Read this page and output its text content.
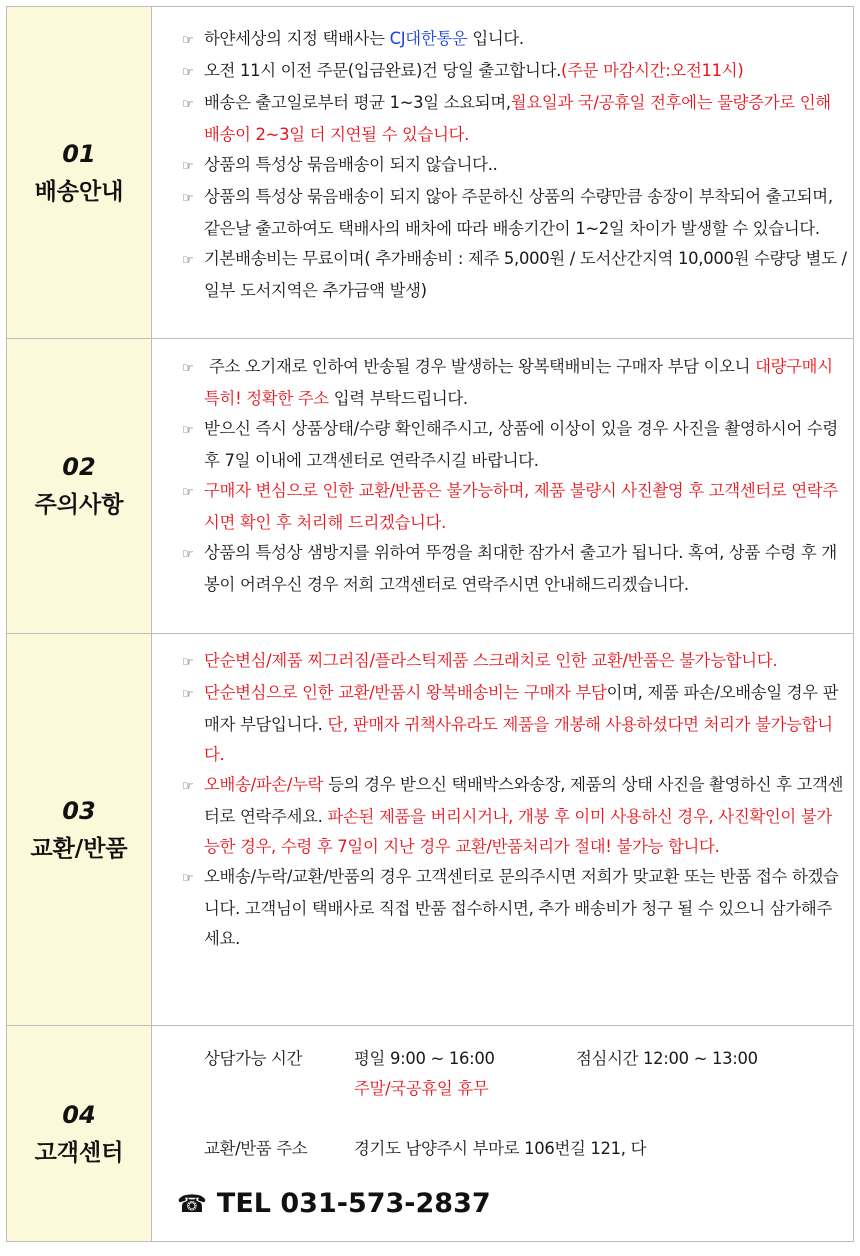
01
배송안내

☞ 하얀세상의 지정 택배사는 CJ대한통운 입니다.

☞ 오전 11시 이전 주문(입금완료)건 당일 출고합니다.(주문 마감시간:오전11시)

☞ 배송은 출고일로부터 평균 1~3일 소요되며,월요일과 국/공휴일 전후에는 물량증가로 인해 배송이 2~3일 더 지연될 수 있습니다.

☞ 상품의 특성상 묶음배송이 되지 않습니다..

☞ 상품의 특성상 묶음배송이 되지 않아 주문하신 상품의 수량만큼 송장이 부착되어 출고되며, 같은날 출고하여도 택배사의 배차에 따라 배송기간이 1~2일 차이가 발생할 수 있습니다.

☞ 기본배송비는 무료이며( 추가배송비 : 제주 5,000원 / 도서산간지역 10,000원 수량당 별도 /일부 도서지역은 추가금액 발생)

02
주의사항

☞ 주소 오기재로 인하여 반송될 경우 발생하는 왕복택배비는 구매자 부담 이오니 대량구매시 특히! 정확한 주소 입력 부탁드립니다.

☞ 받으신 즉시 상품상태/수량 확인해주시고, 상품에 이상이 있을 경우 사진을 촬영하시어 수령 후 7일 이내에 고객센터로 연락주시길 바랍니다.

☞ 구매자 변심으로 인한 교환/반품은 불가능하며, 제품 불량시 사진촬영 후 고객센터로 연락주시면 확인 후 처리해 드리겠습니다.

☞ 상품의 특성상 샘방지를 위하여 뚜껑을 최대한 잠가서 출고가 됩니다. 혹여, 상품 수령 후 개봉이 어려우신 경우 저희 고객센터로 연락주시면 안내해드리겠습니다.

03
교환/반품

☞ 단순변심/제품 찌그러짐/플라스틱제품 스크래치로 인한 교환/반품은 불가능합니다.

☞ 단순변심으로 인한 교환/반품시 왕복배송비는 구매자 부담이며, 제품 파손/오배송일 경우 판매자 부담입니다. 단, 판매자 귀책사유라도 제품을 개봉해 사용하셨다면 처리가 불가능합니다.

☞ 오배송/파손/누락 등의 경우 받으신 택배박스와송장, 제품의 상태 사진을 촬영하신 후 고객센터로 연락주세요. 파손된 제품을 버리시거나, 개봉 후 이미 사용하신 경우, 사진확인이 불가능한 경우, 수령 후 7일이 지난 경우 교환/반품처리가 절대! 불가능 합니다.

☞ 오배송/누락/교환/반품의 경우 고객센터로 문의주시면 저희가 맞교환 또는 반품 접수 하겠습니다. 고객님이 택배사로 직접 반품 접수하시면, 추가 배송비가 청구 될 수 있으니 삼가해주세요.

04
고객센터
상담가능 시간	평일 9:00 ~ 16:00	점심시간 12:00 ~ 13:00
주말/국공휴일 휴무
교환/반품 주소	경기도 남양주시 부마로 106번길 121, 다
☎ TEL 031-573-2837
